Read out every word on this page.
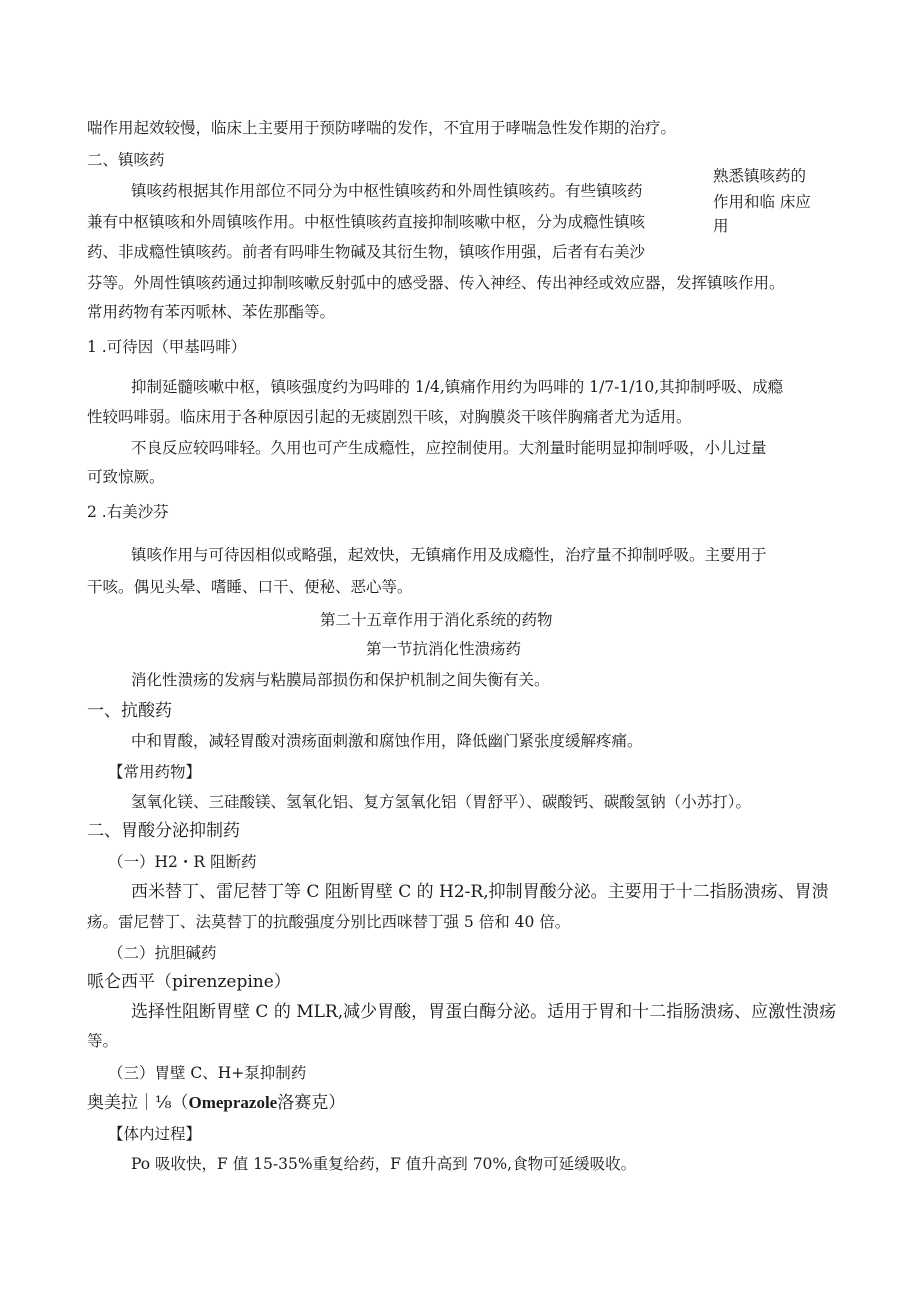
喘作用起效较慢，临床上主要用于预防哮喘的发作，不宜用于哮喘急性发作期的治疗。
二、镇咳药
镇咳药根据其作用部位不同分为中枢性镇咳药和外周性镇咳药。有些镇咳药
兼有中枢镇咳和外周镇咳作用。中枢性镇咳药直接抑制咳嗽中枢，分为成瘾性镇咳
药、非成瘾性镇咳药。前者有吗啡生物碱及其衍生物，镇咳作用强，后者有右美沙
芬等。外周性镇咳药通过抑制咳嗽反射弧中的感受器、传入神经、传出神经或效应器，发挥镇咳作用。
常用药物有苯丙哌林、苯佐那酯等。
熟悉镇咳药的
作用和临 床应
用
1 .可待因（甲基吗啡）
抑制延髓咳嗽中枢，镇咳强度约为吗啡的 1/4,镇痛作用约为吗啡的 1/7-1/10,其抑制呼吸、成瘾
性较吗啡弱。临床用于各种原因引起的无痰剧烈干咳，对胸膜炎干咳伴胸痛者尤为适用。
不良反应较吗啡轻。久用也可产生成瘾性，应控制使用。大剂量时能明显抑制呼吸，小儿过量
可致惊厥。
2 .右美沙芬
镇咳作用与可待因相似或略强，起效快，无镇痛作用及成瘾性，治疗量不抑制呼吸。主要用于
干咳。偶见头晕、嗜睡、口干、便秘、恶心等。
第二十五章作用于消化系统的药物
第一节抗消化性溃疡药
消化性溃疡的发病与粘膜局部损伤和保护机制之间失衡有关。
一、抗酸药
中和胃酸，减轻胃酸对溃疡面刺激和腐蚀作用，降低幽门紧张度缓解疼痛。
【常用药物】
氢氧化镁、三硅酸镁、氢氧化铝、复方氢氧化铝（胃舒平）、碳酸钙、碳酸氢钠（小苏打）。
二、胃酸分泌抑制药
（一）H2・R 阻断药
西米替丁、雷尼替丁等 C 阻断胃壁 C 的 H2-R,抑制胃酸分泌。主要用于十二指肠溃疡、胃溃
疡。雷尼替丁、法莫替丁的抗酸强度分别比西咪替丁强 5 倍和 40 倍。
（二）抗胆碱药
哌仑西平（pirenzepine）
选择性阻断胃壁 C 的 MLR,减少胃酸，胃蛋白酶分泌。适用于胃和十二指肠溃疡、应激性溃疡
等。
（三）胃壁 C、H+泵抑制药
奥美拉｜⅛（Omeprazole洛赛克）
【体内过程】
Po 吸收快，F 值 15-35%重复给药，F 值升高到 70%,食物可延缓吸收。
